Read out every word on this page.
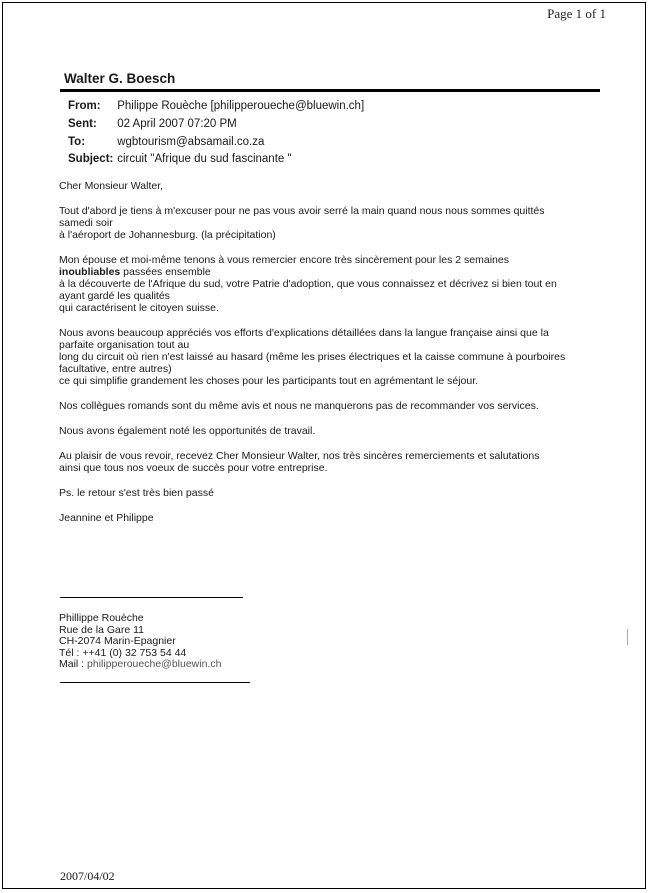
Page 1 of 1
Walter G. Boesch
From: Philippe Rouèche [philipperoueche@bluewin.ch]
Sent: 02 April 2007 07:20 PM
To:	wgbtourism@absamail.co.za
Subject: circuit "Afrique du sud fascinante "

Cher Monsieur Walter,

Tout d'abord je tiens à m'excuser pour ne pas vous avoir serré la main quand nous nous sommes quittés
samedi soir
à l'aéroport de Johannesburg. (la précipitation)

Mon épouse et moi-même tenons à vous remercier encore très sincèrement pour les 2 semaines
inoubliables passées ensemble
à la découverte de l'Afrique du sud, votre Patrie d'adoption, que vous connaissez et décrivez si bien tout en
ayant gardé les qualités
qui caractérisent le citoyen suisse.

Nous avons beaucoup appréciés vos efforts d'explications détaillées dans la langue française ainsi que la
parfaite organisation tout au
long du circuit où rien n'est laissé au hasard (même les prises électriques et la caisse commune à pourboires
facultative, entre autres)
ce qui simplifie grandement les choses pour les participants tout en agrémentant le séjour.

Nos collègues romands sont du même avis et nous ne manquerons pas de recommander vos services.

Nous avons également noté les opportunités de travail.

Au plaisir de vous revoir, recevez Cher Monsieur Walter, nos très sincères remerciements et salutations
ainsi que tous nos voeux de succès pour votre entreprise.

Ps. le retour s'est très bien passé

Jeannine et Philippe

Phillippe Rouèche
Rue de la Gare 11
CH-2074 Marin-Epagnier
Tél : ++41 (0) 32 753 54 44
Mail : philipperoueche@bluewin.ch
2007/04/02
